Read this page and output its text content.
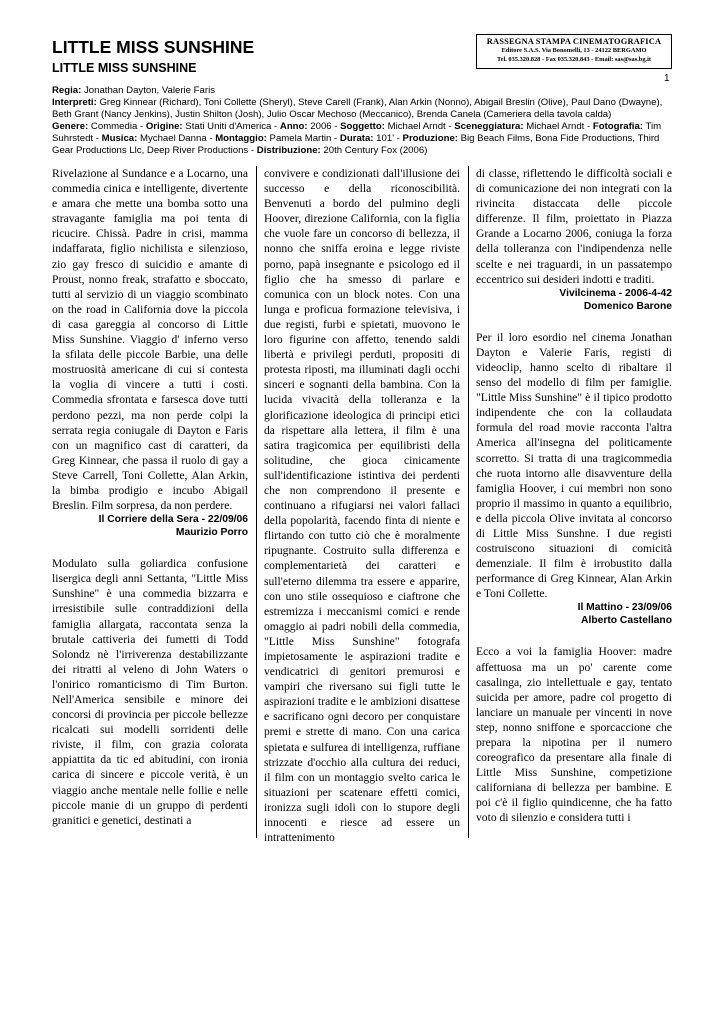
LITTLE MISS SUNSHINE
LITTLE MISS SUNSHINE
RASSEGNA STAMPA CINEMATOGRAFICA
Editore S.A.S. Via Bonomelli, 13 - 24122 BERGAMO
Tel. 035.320.828 - Fax 035.320.843 - Email: sas@sas.bg.it
1

Regia: Jonathan Dayton, Valerie Faris

Interpreti: Greg Kinnear (Richard), Toni Collette (Sheryl), Steve Carell (Frank), Alan Arkin (Nonno), Abigail Breslin (Olive), Paul Dano (Dwayne), Beth Grant (Nancy Jenkins), Justin Shilton (Josh), Julio Oscar Mechoso (Meccanico), Brenda Canela (Cameriera della tavola calda)

Genere: Commedia - Origine: Stati Uniti d'America - Anno: 2006 - Soggetto: Michael Arndt - Sceneggiatura: Michael Arndt - Fotografia: Tim Suhrstedt - Musica: Mychael Danna - Montaggio: Pamela Martin - Durata: 101' - Produzione: Big Beach Films, Bona Fide Productions, Third Gear Productions Llc, Deep River Productions - Distribuzione: 20th Century Fox (2006)

Rivelazione al Sundance e a Locarno, una commedia cinica e intelligente, divertente e amara che mette una bomba sotto una stravagante famiglia ma poi tenta di ricucire. Chissà. Padre in crisi, mamma indaffarata, figlio nichilista e silenzioso, zio gay fresco di suicidio e amante di Proust, nonno freak, strafatto e sboccato, tutti al servizio di un viaggio scombinato on the road in California dove la piccola di casa gareggia al concorso di Little Miss Sunshine. Viaggio d' inferno verso la sfilata delle piccole Barbie, una delle mostruosità americane di cui si contesta la voglia di vincere a tutti i costi. Commedia sfrontata e farsesca dove tutti perdono pezzi, ma non perde colpi la serrata regia coniugale di Dayton e Faris con un magnifico cast di caratteri, da Greg Kinnear, che passa il ruolo di gay a Steve Carrell, Toni Collette, Alan Arkin, la bimba prodigio e incubo Abigail Breslin. Film sorpresa, da non perdere.

Il Corriere della Sera - 22/09/06

Maurizio Porro

Modulato sulla goliardica confusione lisergica degli anni Settanta, "Little Miss Sunshine" è una commedia bizzarra e irresistibile sulle contraddizioni della famiglia allargata, raccontata senza la brutale cattiveria dei fumetti di Todd Solondz nè l'irriverenza destabilizzante dei ritratti al veleno di John Waters o l'onirico romanticismo di Tim Burton. Nell'America sensibile e minore dei concorsi di provincia per piccole bellezze ricalcati sui modelli sorridenti delle riviste, il film, con grazia colorata appiattita da tic ed abitudini, con ironia carica di sincere e piccole verità, è un viaggio anche mentale nelle follie e nelle piccole manie di un gruppo di perdenti granitici e genetici, destinati a

convivere e condizionati dall'illusione dei successo e della riconoscibilità. Benvenuti a bordo del pulmino degli Hoover, direzione California, con la figlia che vuole fare un concorso di bellezza, il nonno che sniffa eroina e legge riviste porno, papà insegnante e psicologo ed il figlio che ha smesso di parlare e comunica con un block notes. Con una lunga e proficua formazione televisiva, i due registi, furbi e spietati, muovono le loro figurine con affetto, tenendo saldi libertà e privilegi perduti, propositi di protesta riposti, ma illuminati dagli occhi sinceri e sognanti della bambina. Con la lucida vivacità della tolleranza e la glorificazione ideologica di principi etici da rispettare alla lettera, il film è una satira tragicomica per equilibristi della solitudine, che gioca cinicamente sull'identificazione istintiva dei perdenti che non comprendono il presente e continuano a rifugiarsi nei valori fallaci della popolarità, facendo finta di niente e flirtando con tutto ciò che è moralmente ripugnante. Costruito sulla differenza e complementarietà dei caratteri e sull'eterno dilemma tra essere e apparire, con uno stile ossequioso e ciaftrone che estremizza i meccanismi comici e rende omaggio ai padri nobili della commedia, "Little Miss Sunshine" fotografa impietosamente le aspirazioni tradite e vendicatrici di genitori premurosi e vampiri che riversano sui figli tutte le aspirazioni tradite e le ambizioni disattese e sacrificano ogni decoro per conquistare premi e strette di mano. Con una carica spietata e sulfurea di intelligenza, ruffiane strizzate d'occhio alla cultura dei reduci, il film con un montaggio svelto carica le situazioni per scatenare effetti comici, ironizza sugli idoli con lo stupore degli innocenti e riesce ad essere un intrattenimento

di classe, riflettendo le difficoltà sociali e di comunicazione dei non integrati con la rivincita distaccata delle piccole differenze. Il film, proiettato in Piazza Grande a Locarno 2006, coniuga la forza della tolleranza con l'indipendenza nelle scelte e nei traguardi, in un passatempo eccentrico sui desideri indotti e traditi.

Vivilcinema - 2006-4-42

Domenico Barone

Per il loro esordio nel cinema Jonathan Dayton e Valerie Faris, registi di videoclip, hanno scelto di ribaltare il senso del modello di film per famiglie. "Little Miss Sunshine" è il tipico prodotto indipendente che con la collaudata formula del road movie racconta l'altra America all'insegna del politicamente scorretto. Si tratta di una tragicommedia che ruota intorno alle disavventure della famiglia Hoover, i cui membri non sono proprio il massimo in quanto a equilibrio, e della piccola Olive invitata al concorso di Little Miss Sunshne. I due registi costruiscono situazioni di comicità demenziale. Il film è irrobustito dalla performance di Greg Kinnear, Alan Arkin e Toni Collette.

Il Mattino - 23/09/06

Alberto Castellano

Ecco a voi la famiglia Hoover: madre affettuosa ma un po' carente come casalinga, zio intellettuale e gay, tentato suicida per amore, padre col progetto di lanciare un manuale per vincenti in nove step, nonno sniffone e sporcaccione che prepara la nipotina per il numero coreografico da presentare alla finale di Little Miss Sunshine, competizione californiana di bellezza per bambine. E poi c'è il figlio quindicenne, che ha fatto voto di silenzio e considera tutti i
